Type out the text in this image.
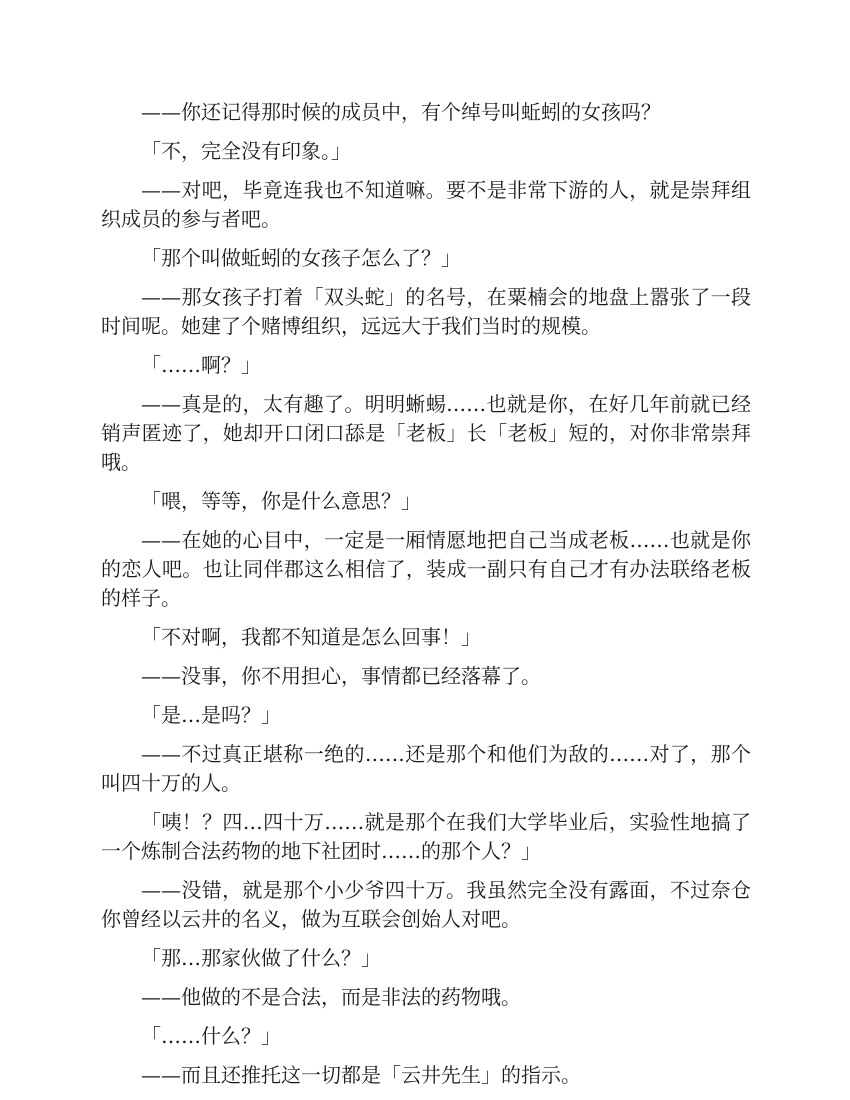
——你还记得那时候的成员中，有个绰号叫蚯蚓的女孩吗？

「不，完全没有印象。」

——对吧，毕竟连我也不知道嘛。要不是非常下游的人，就是崇拜组织成员的参与者吧。

「那个叫做蚯蚓的女孩子怎么了？」

——那女孩子打着「双头蛇」的名号，在粟楠会的地盘上嚣张了一段时间呢。她建了个赌博组织，远远大于我们当时的规模。

「……啊？」

——真是的，太有趣了。明明蜥蜴……也就是你，在好几年前就已经销声匿迹了，她却开口闭口舔是「老板」长「老板」短的，对你非常崇拜哦。

「喂，等等，你是什么意思？」

——在她的心目中，一定是一厢情愿地把自己当成老板……也就是你的恋人吧。也让同伴郡这么相信了，装成一副只有自己才有办法联络老板的样子。

「不对啊，我都不知道是怎么回事！」

——没事，你不用担心，事情都已经落幕了。

「是…是吗？」

——不过真正堪称一绝的……还是那个和他们为敌的……对了，那个叫四十万的人。

「咦！？四…四十万……就是那个在我们大学毕业后，实验性地搞了一个炼制合法药物的地下社团时……的那个人？」

——没错，就是那个小少爷四十万。我虽然完全没有露面，不过奈仓你曾经以云井的名义，做为互联会创始人对吧。

「那…那家伙做了什么？」

——他做的不是合法，而是非法的药物哦。

「……什么？」

——而且还推托这一切都是「云井先生」的指示。
